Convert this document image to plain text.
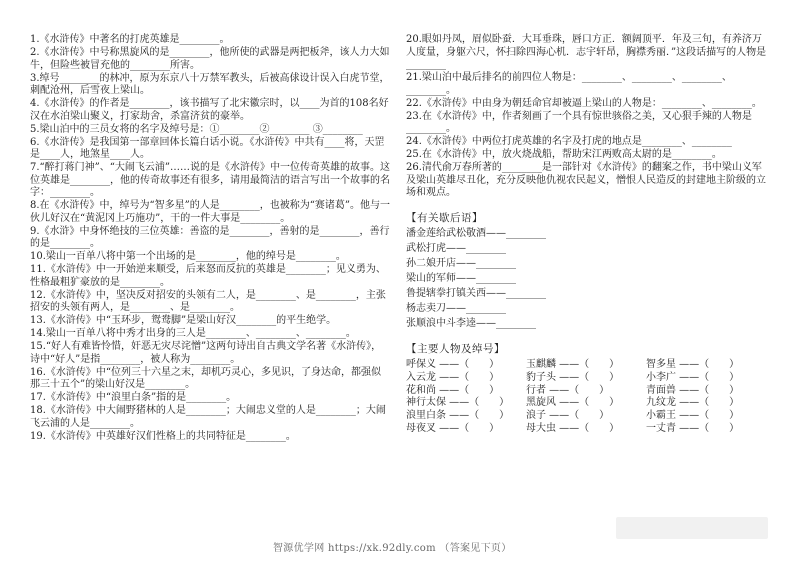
1.《水浒传》中著名的打虎英雄是________。
2.《水浒传》中号称黑旋风的是________，他所使的武器是两把板斧，该人力大如牛，但险些被冒充他的________所害。
3.绰号________的林冲，原为东京八十万禁军教头，后被高俅设计误入白虎节堂，刺配沧州，后雪夜上梁山。
4.《水浒传》的作者是________，该书描写了北宋徽宗时，以____为首的108名好汉在水泊梁山聚义，打家劫舍，杀富济贫的豪举。
5.梁山泊中的三员女将的名字及绰号是：①________②________ ③________
6.《水浒传》是我国第一部章回体长篇白话小说。《水浒传》中共有____将，天罡是____人，地煞星____人。
7.“醉打蒋门神”、“大闹飞云浦”……说的是《水浒传》中一位传奇英雄的故事。这位英雄是________，他的传奇故事还有很多，请用最简洁的语言写出一个故事的名字：________。
8.在《水浒传》中，绰号为“智多星”的人是________，也被称为“赛诸葛”。他与一伙儿好汉在“黄泥冈上巧施功”，干的一件大事是________。
9.《水浒》中身怀绝技的三位英雄：善盗的是________，善射的是________，善行的是________。
10.梁山一百单八将中第一个出场的是________，他的绰号是________。
11.《水浒传》中一开始逆来顺受，后来怒而反抗的英雄是________；见义勇为、性格最粗犷豪放的是________。
12.《水浒传》中，坚决反对招安的头领有二人，是________、是________，主张招安的头领有两人，是________、是________。
13.《水浒传》中“玉环步，鸳鸯脚”是梁山好汉________的平生绝学。
14.梁山一百单八将中秀才出身的三人是________、________、________。
15.“好人有难皆怜惜，奸恶无灾尽诧憎”这两句诗出自古典文学名著《水浒传》，诗中“好人”是指________，被人称为________。
16.《水浒传》中“位列三十六星之末，却机巧灵心，多见识，了身达命，都强似那三十五个”的梁山好汉是________。
17.《水浒传》中“浪里白条”指的是________。
18.《水浒传》中大闹野猪林的人是________；大闹忠义堂的人是________；大闹飞云浦的人是________。
19.《水浒传》中英雄好汉们性格上的共同特征是________。
20.眼如丹凤，眉似卧蚕．大耳垂珠，唇口方正．额阔顶平．年及三旬，有养济万人度量，身躯六尺，怀扫除四海心机．志宇轩昂，胸襟秀丽．”这段话描写的人物是________
21.梁山泊中最后排名的前四位人物是：________、________、________、________。
22.《水浒传》中由身为朝廷命官却被逼上梁山的人物是：________、________。
23.在《水浒传》中，作者刻画了一个具有惊世骇俗之美，又心狠手辣的人物是________。
24.《水浒传》中两位打虎英雄的名字及打虎的地点是________、________
25.在《水浒传》中，放火烧战船，帮助宋江两败高太尉的是________。
26.清代俞万春所著的________是一部针对《水浒传》的翻案之作，书中梁山义军及梁山英雄尽丑化，充分反映他仇视农民起义，憎恨人民造反的封建地主阶级的立场和观点。
【有关歇后语】
潘金莲给武松敬酒——________
武松打虎——________
孙二娘开店——________
梁山的军师——________
鲁提辖拳打镇关西——________
杨志卖刀——________
张顺浪中斗李逵——________
【主要人物及绰号】
呼保义 ——（　　）	玉麒麟 ——（　　）	智多星 ——（　　）
入云龙 ——（　　）	豹子头 ——（　　）	小李广 ——（　　）
花和尚 ——（　　）	行者 ——（　　）	青面兽 ——（　　）
神行太保 ——（　　）	黑旋风 ——（　　）	九纹龙 ——（　　）
浪里白条 ——（　　）	浪子 ——（　　）	小霸王 ——（　　）
母夜叉 ——（　　）	母大虫 ——（　　）	一丈青 ——（　　）
智源优学网 https://xk.92dly.com （答案见下页）
